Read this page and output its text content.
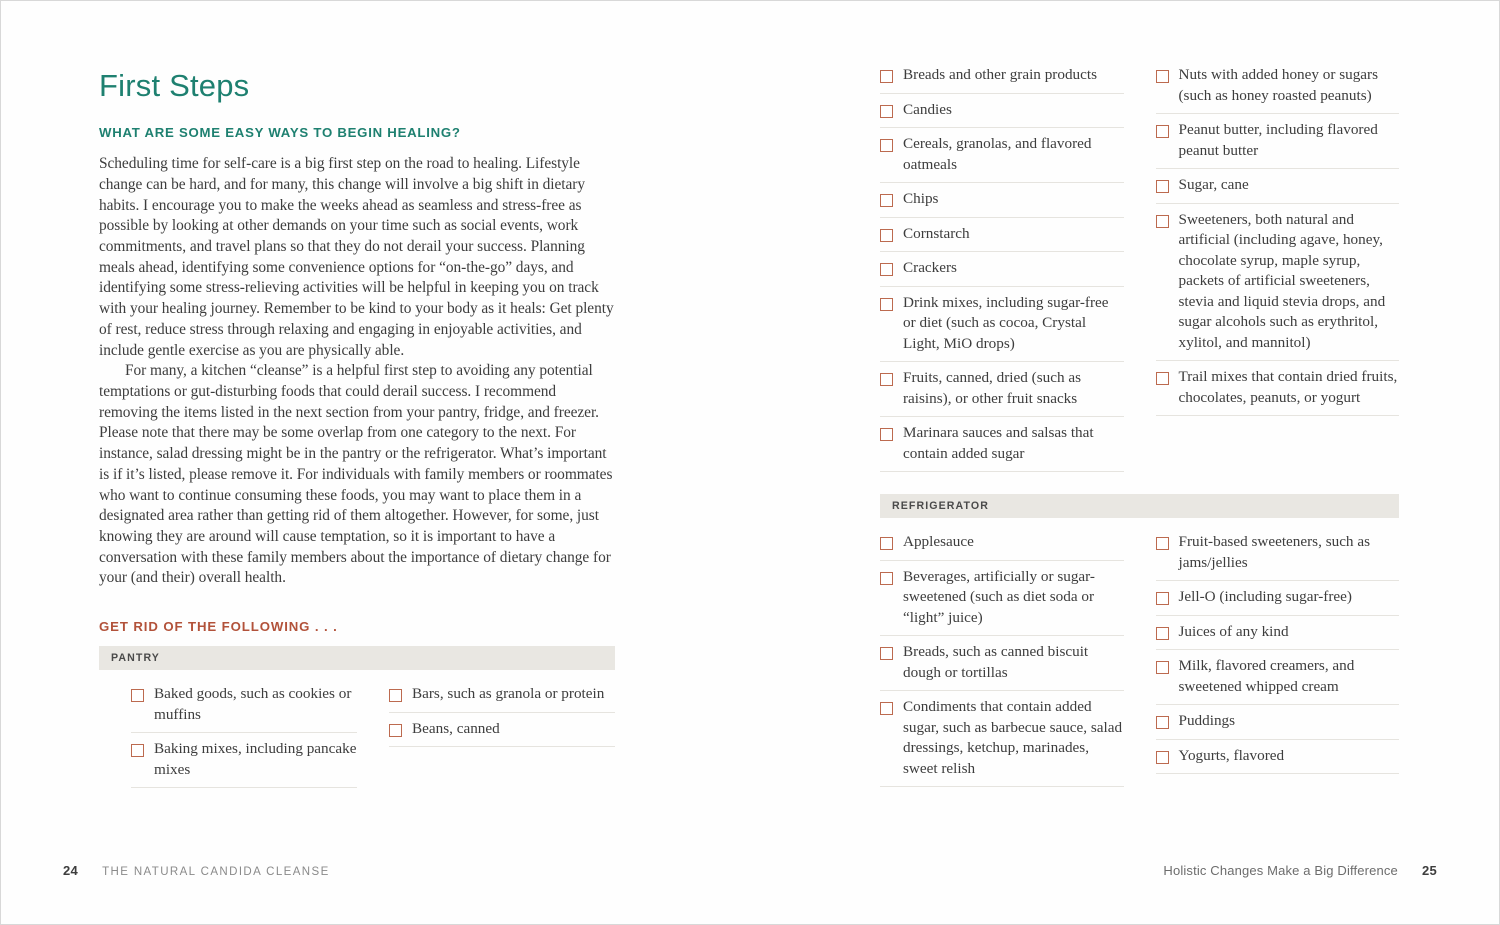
First Steps
WHAT ARE SOME EASY WAYS TO BEGIN HEALING?

Scheduling time for self-care is a big first step on the road to healing. Lifestyle change can be hard, and for many, this change will involve a big shift in dietary habits. I encourage you to make the weeks ahead as seamless and stress-free as possible by looking at other demands on your time such as social events, work commitments, and travel plans so that they do not derail your success. Planning meals ahead, identifying some convenience options for “on-the-go” days, and identifying some stress-relieving activities will be helpful in keeping you on track with your healing journey. Remember to be kind to your body as it heals: Get plenty of rest, reduce stress through relaxing and engaging in enjoyable activities, and include gentle exercise as you are physically able.

For many, a kitchen “cleanse” is a helpful first step to avoiding any potential temptations or gut-disturbing foods that could derail success. I recommend removing the items listed in the next section from your pantry, fridge, and freezer. Please note that there may be some overlap from one category to the next. For instance, salad dressing might be in the pantry or the refrigerator. What’s important is if it’s listed, please remove it. For individuals with family members or roommates who want to continue consuming these foods, you may want to place them in a designated area rather than getting rid of them altogether. However, for some, just knowing they are around will cause temptation, so it is important to have a conversation with these family members about the importance of dietary change for your (and their) overall health.

GET RID OF THE FOLLOWING . . .
PANTRY
Baked goods, such as cookies or muffins
Baking mixes, including pancake mixes
Bars, such as granola or protein
Beans, canned
24 THE NATURAL CANDIDA CLEANSE
Breads and other grain products
Candies
Cereals, granolas, and flavored oatmeals
Chips
Cornstarch
Crackers
Drink mixes, including sugar-free or diet (such as cocoa, Crystal Light, MiO drops)
Fruits, canned, dried (such as raisins), or other fruit snacks
Marinara sauces and salsas that contain added sugar
Nuts with added honey or sugars (such as honey roasted peanuts)
Peanut butter, including flavored peanut butter
Sugar, cane
Sweeteners, both natural and artificial (including agave, honey, chocolate syrup, maple syrup, packets of artificial sweeteners, stevia and liquid stevia drops, and sugar alcohols such as erythritol, xylitol, and mannitol)
Trail mixes that contain dried fruits, chocolates, peanuts, or yogurt
REFRIGERATOR
Applesauce
Beverages, artificially or sugar-sweetened (such as diet soda or “light” juice)
Breads, such as canned biscuit dough or tortillas
Condiments that contain added sugar, such as barbecue sauce, salad dressings, ketchup, marinades, sweet relish
Fruit-based sweeteners, such as jams/jellies
Jell-O (including sugar-free)
Juices of any kind
Milk, flavored creamers, and sweetened whipped cream
Puddings
Yogurts, flavored
Holistic Changes Make a Big Difference 25
